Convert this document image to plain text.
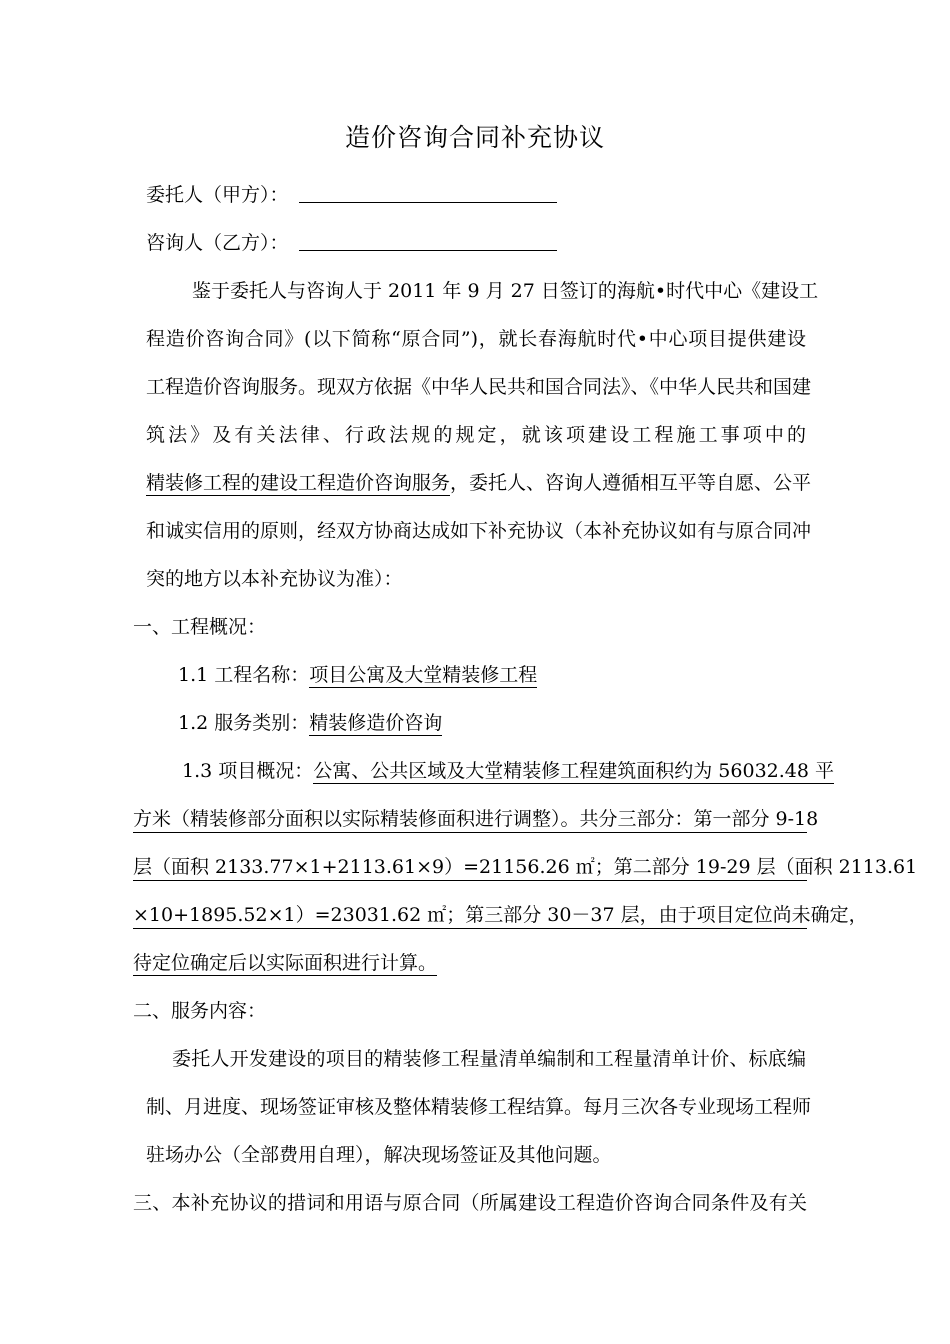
造价咨询合同补充协议
委托人（甲方）：
咨询人（乙方）：
鉴于委托人与咨询人于 2011 年 9 月 27 日签订的海航•时代中心《建设工
程造价咨询合同》(以下简称“原合同”)，就长春海航时代•中心项目提供建设
工程造价咨询服务。现双方依据《中华人民共和国合同法》、《中华人民共和国建
筑法》及有关法律、行政法规的规定，就该项建设工程施工事项中的
精装修工程的建设工程造价咨询服务，委托人、咨询人遵循相互平等自愿、公平
和诚实信用的原则，经双方协商达成如下补充协议（本补充协议如有与原合同冲
突的地方以本补充协议为准）：
一、工程概况：
1.1 工程名称：项目公寓及大堂精装修工程
1.2 服务类别：精装修造价咨询
1.3 项目概况：公寓、公共区域及大堂精装修工程建筑面积约为 56032.48 平
方米（精装修部分面积以实际精装修面积进行调整）。共分三部分：第一部分 9-18
层（面积 2133.77×1+2113.61×9）=21156.26 ㎡；第二部分 19-29 层（面积 2113.61
×10+1895.52×1）=23031.62 ㎡；第三部分 30－37 层，由于项目定位尚未确定，
待定位确定后以实际面积进行计算。
二、服务内容：
委托人开发建设的项目的精装修工程量清单编制和工程量清单计价、标底编
制、月进度、现场签证审核及整体精装修工程结算。每月三次各专业现场工程师
驻场办公（全部费用自理），解决现场签证及其他问题。
三、本补充协议的措词和用语与原合同（所属建设工程造价咨询合同条件及有关
